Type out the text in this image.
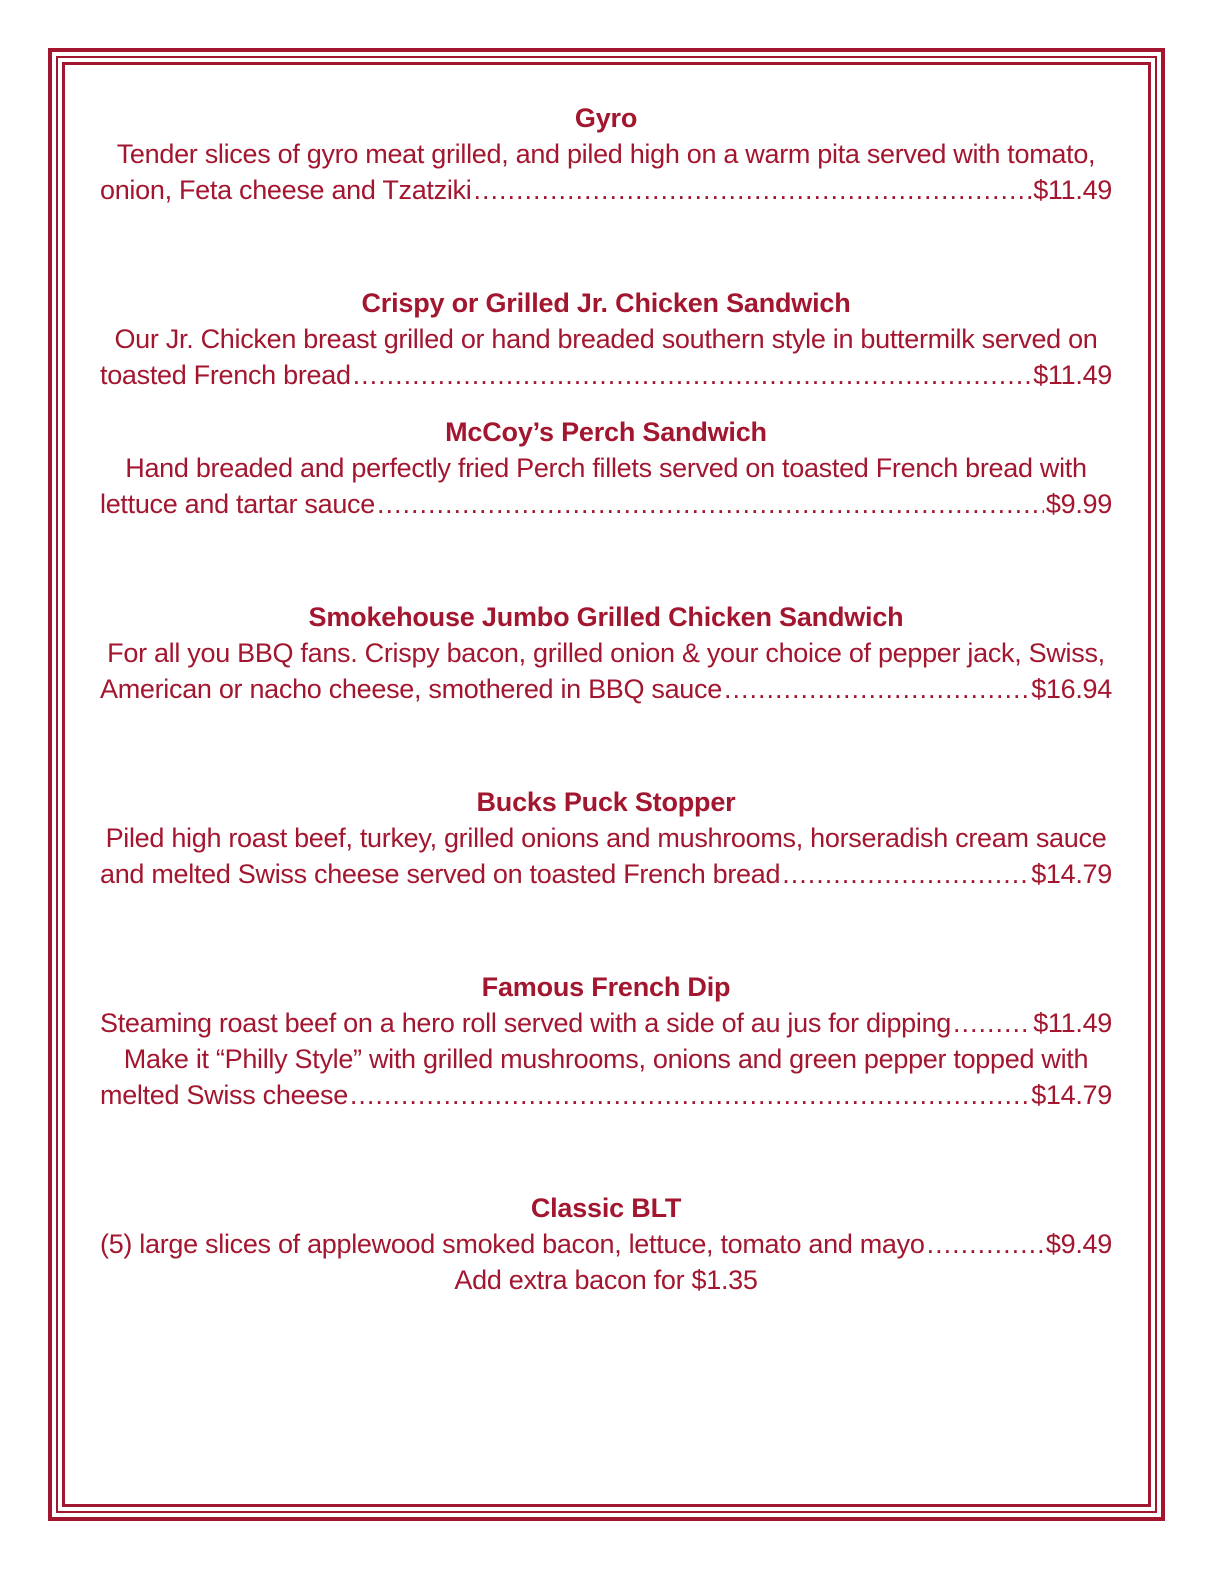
Gyro
Tender slices of gyro meat grilled, and piled high on a warm pita served with tomato,
onion, Feta cheese and Tzatziki .....	$11.49
Crispy or Grilled Jr. Chicken Sandwich
Our Jr. Chicken breast grilled or hand breaded southern style in buttermilk served on
toasted French bread .....	$11.49
McCoy’s Perch Sandwich
Hand breaded and perfectly fried Perch fillets served on toasted French bread with
lettuce and tartar sauce .....	$9.99
Smokehouse Jumbo Grilled Chicken Sandwich
For all you BBQ fans. Crispy bacon, grilled onion & your choice of pepper jack, Swiss,
American or nacho cheese, smothered in BBQ sauce .....	$16.94
Bucks Puck Stopper
Piled high roast beef, turkey, grilled onions and mushrooms, horseradish cream sauce
and melted Swiss cheese served on toasted French bread .....	$14.79
Famous French Dip
Steaming roast beef on a hero roll served with a side of au jus for dipping .....	$11.49
Make it “Philly Style” with grilled mushrooms, onions and green pepper topped with
melted Swiss cheese .....	$14.79
Classic BLT
(5) large slices of applewood smoked bacon, lettuce, tomato and mayo .....	$9.49
Add extra bacon for $1.35
